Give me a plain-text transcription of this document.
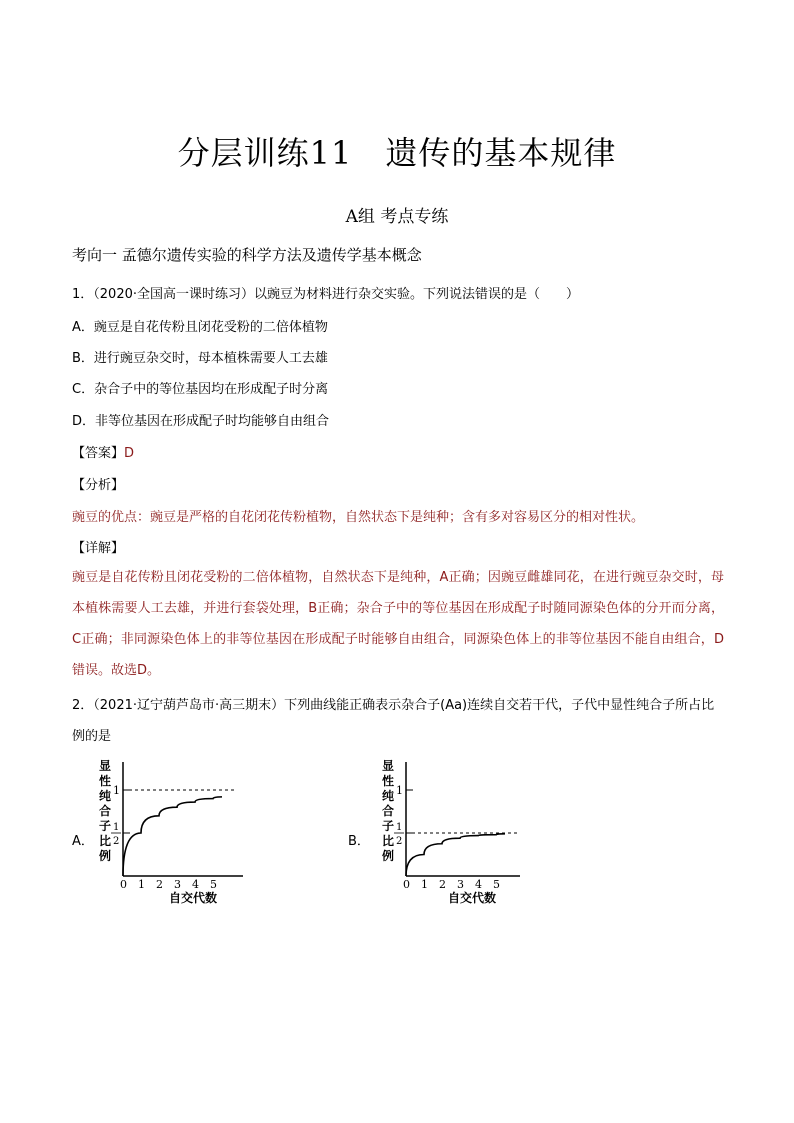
分层训练11　遗传的基本规律
A组 考点专练
考向一 孟德尔遗传实验的科学方法及遗传学基本概念
1．（2020·全国高一课时练习）以豌豆为材料进行杂交实验。下列说法错误的是（　　）
A．豌豆是自花传粉且闭花受粉的二倍体植物
B．进行豌豆杂交时，母本植株需要人工去雄
C．杂合子中的等位基因均在形成配子时分离
D．非等位基因在形成配子时均能够自由组合
【答案】D
【分析】
豌豆的优点：豌豆是严格的自花闭花传粉植物，自然状态下是纯种；含有多对容易区分的相对性状。
【详解】
豌豆是自花传粉且闭花受粉的二倍体植物，自然状态下是纯种，A正确；因豌豆雌雄同花，在进行豌豆杂交时，母本植株需要人工去雄，并进行套袋处理，B正确；杂合子中的等位基因在形成配子时随同源染色体的分开而分离，C正确；非同源染色体上的非等位基因在形成配子时能够自由组合，同源染色体上的非等位基因不能自由组合，D错误。故选D。
2．（2021·辽宁葫芦岛市·高三期末）下列曲线能正确表示杂合子(Aa)连续自交若干代，子代中显性纯合子所占比例的是
A．	B．
显性纯合子比例
1
1
2
0 1 2 3 4 5
自交代数
显性纯合子比例
1
1
2
0 1 2 3 4 5
自交代数
